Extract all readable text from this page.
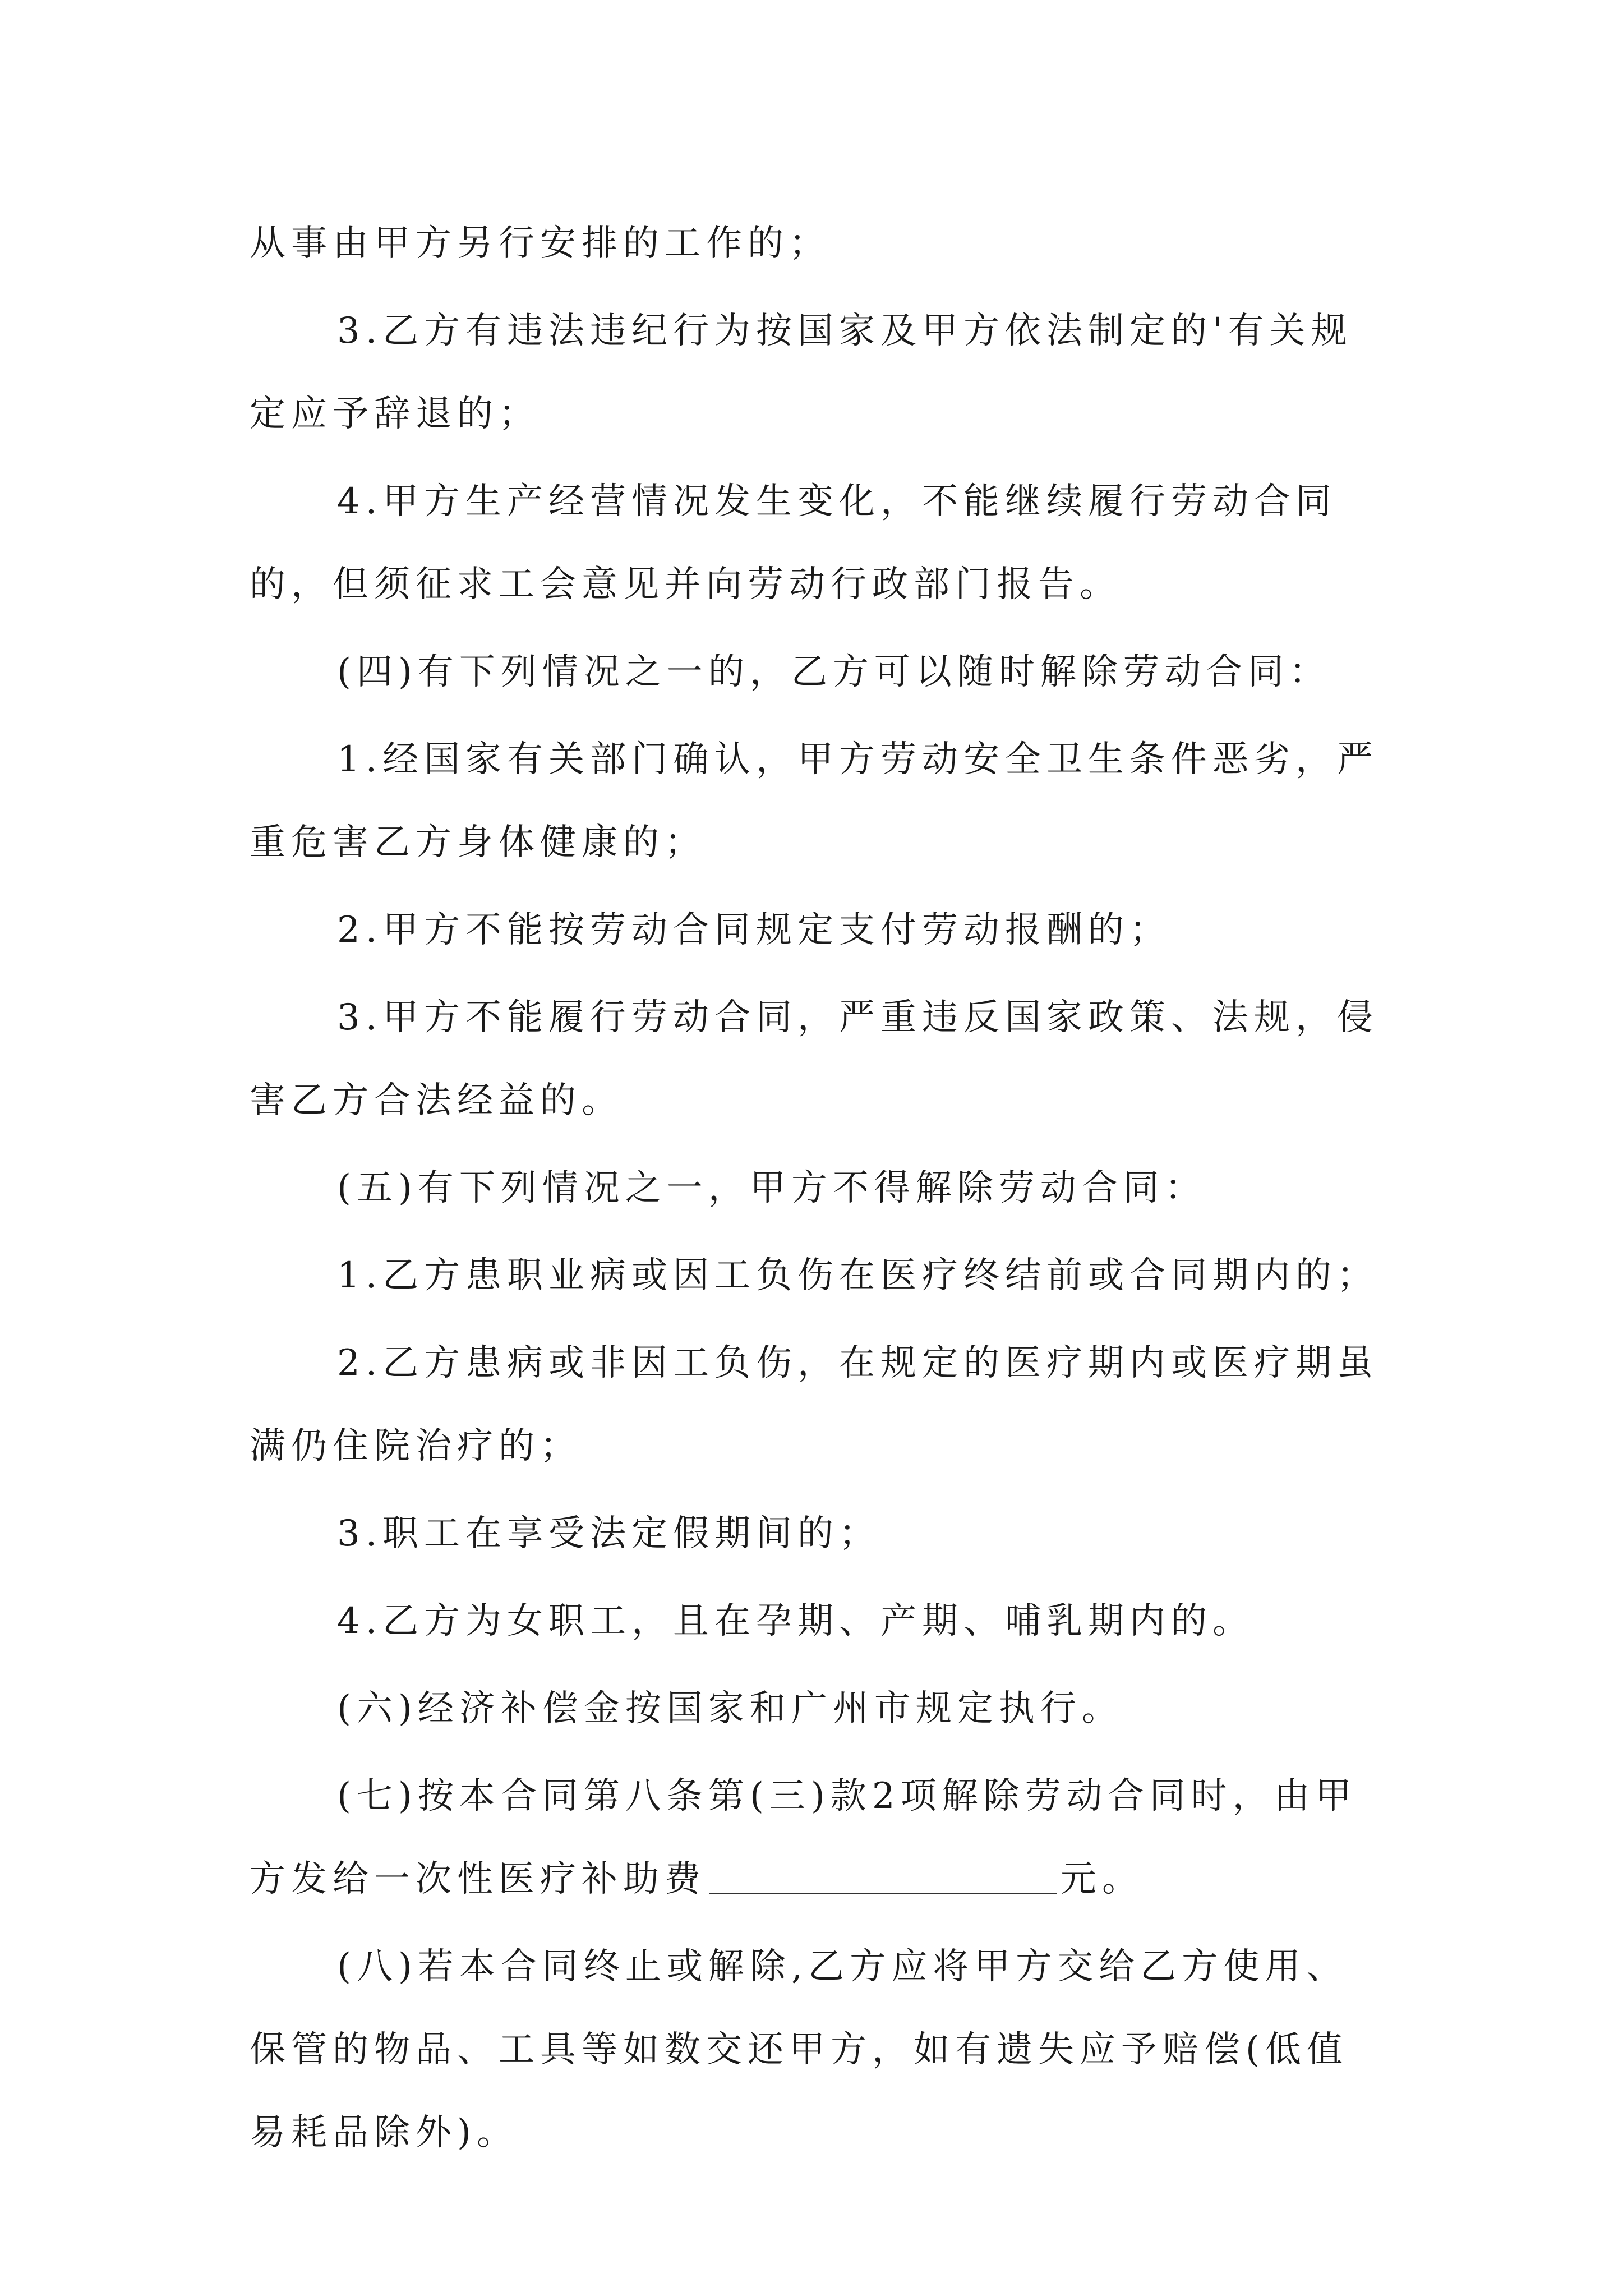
从事由甲方另行安排的工作的；

3.乙方有违法违纪行为按国家及甲方依法制定的'有关规定应予辞退的；

4.甲方生产经营情况发生变化，不能继续履行劳动合同的，但须征求工会意见并向劳动行政部门报告。

(四)有下列情况之一的，乙方可以随时解除劳动合同：

1.经国家有关部门确认，甲方劳动安全卫生条件恶劣，严重危害乙方身体健康的；

2.甲方不能按劳动合同规定支付劳动报酬的；

3.甲方不能履行劳动合同，严重违反国家政策、法规，侵害乙方合法经益的。

(五)有下列情况之一，甲方不得解除劳动合同：

1.乙方患职业病或因工负伤在医疗终结前或合同期内的；

2.乙方患病或非因工负伤，在规定的医疗期内或医疗期虽满仍住院治疗的；

3.职工在享受法定假期间的；

4.乙方为女职工，且在孕期、产期、哺乳期内的。

(六)经济补偿金按国家和广州市规定执行。

(七)按本合同第八条第(三)款2项解除劳动合同时，由甲方发给一次性医疗补助费	元。

(八)若本合同终止或解除,乙方应将甲方交给乙方使用、保管的物品、工具等如数交还甲方，如有遗失应予赔偿(低值易耗品除外)。
